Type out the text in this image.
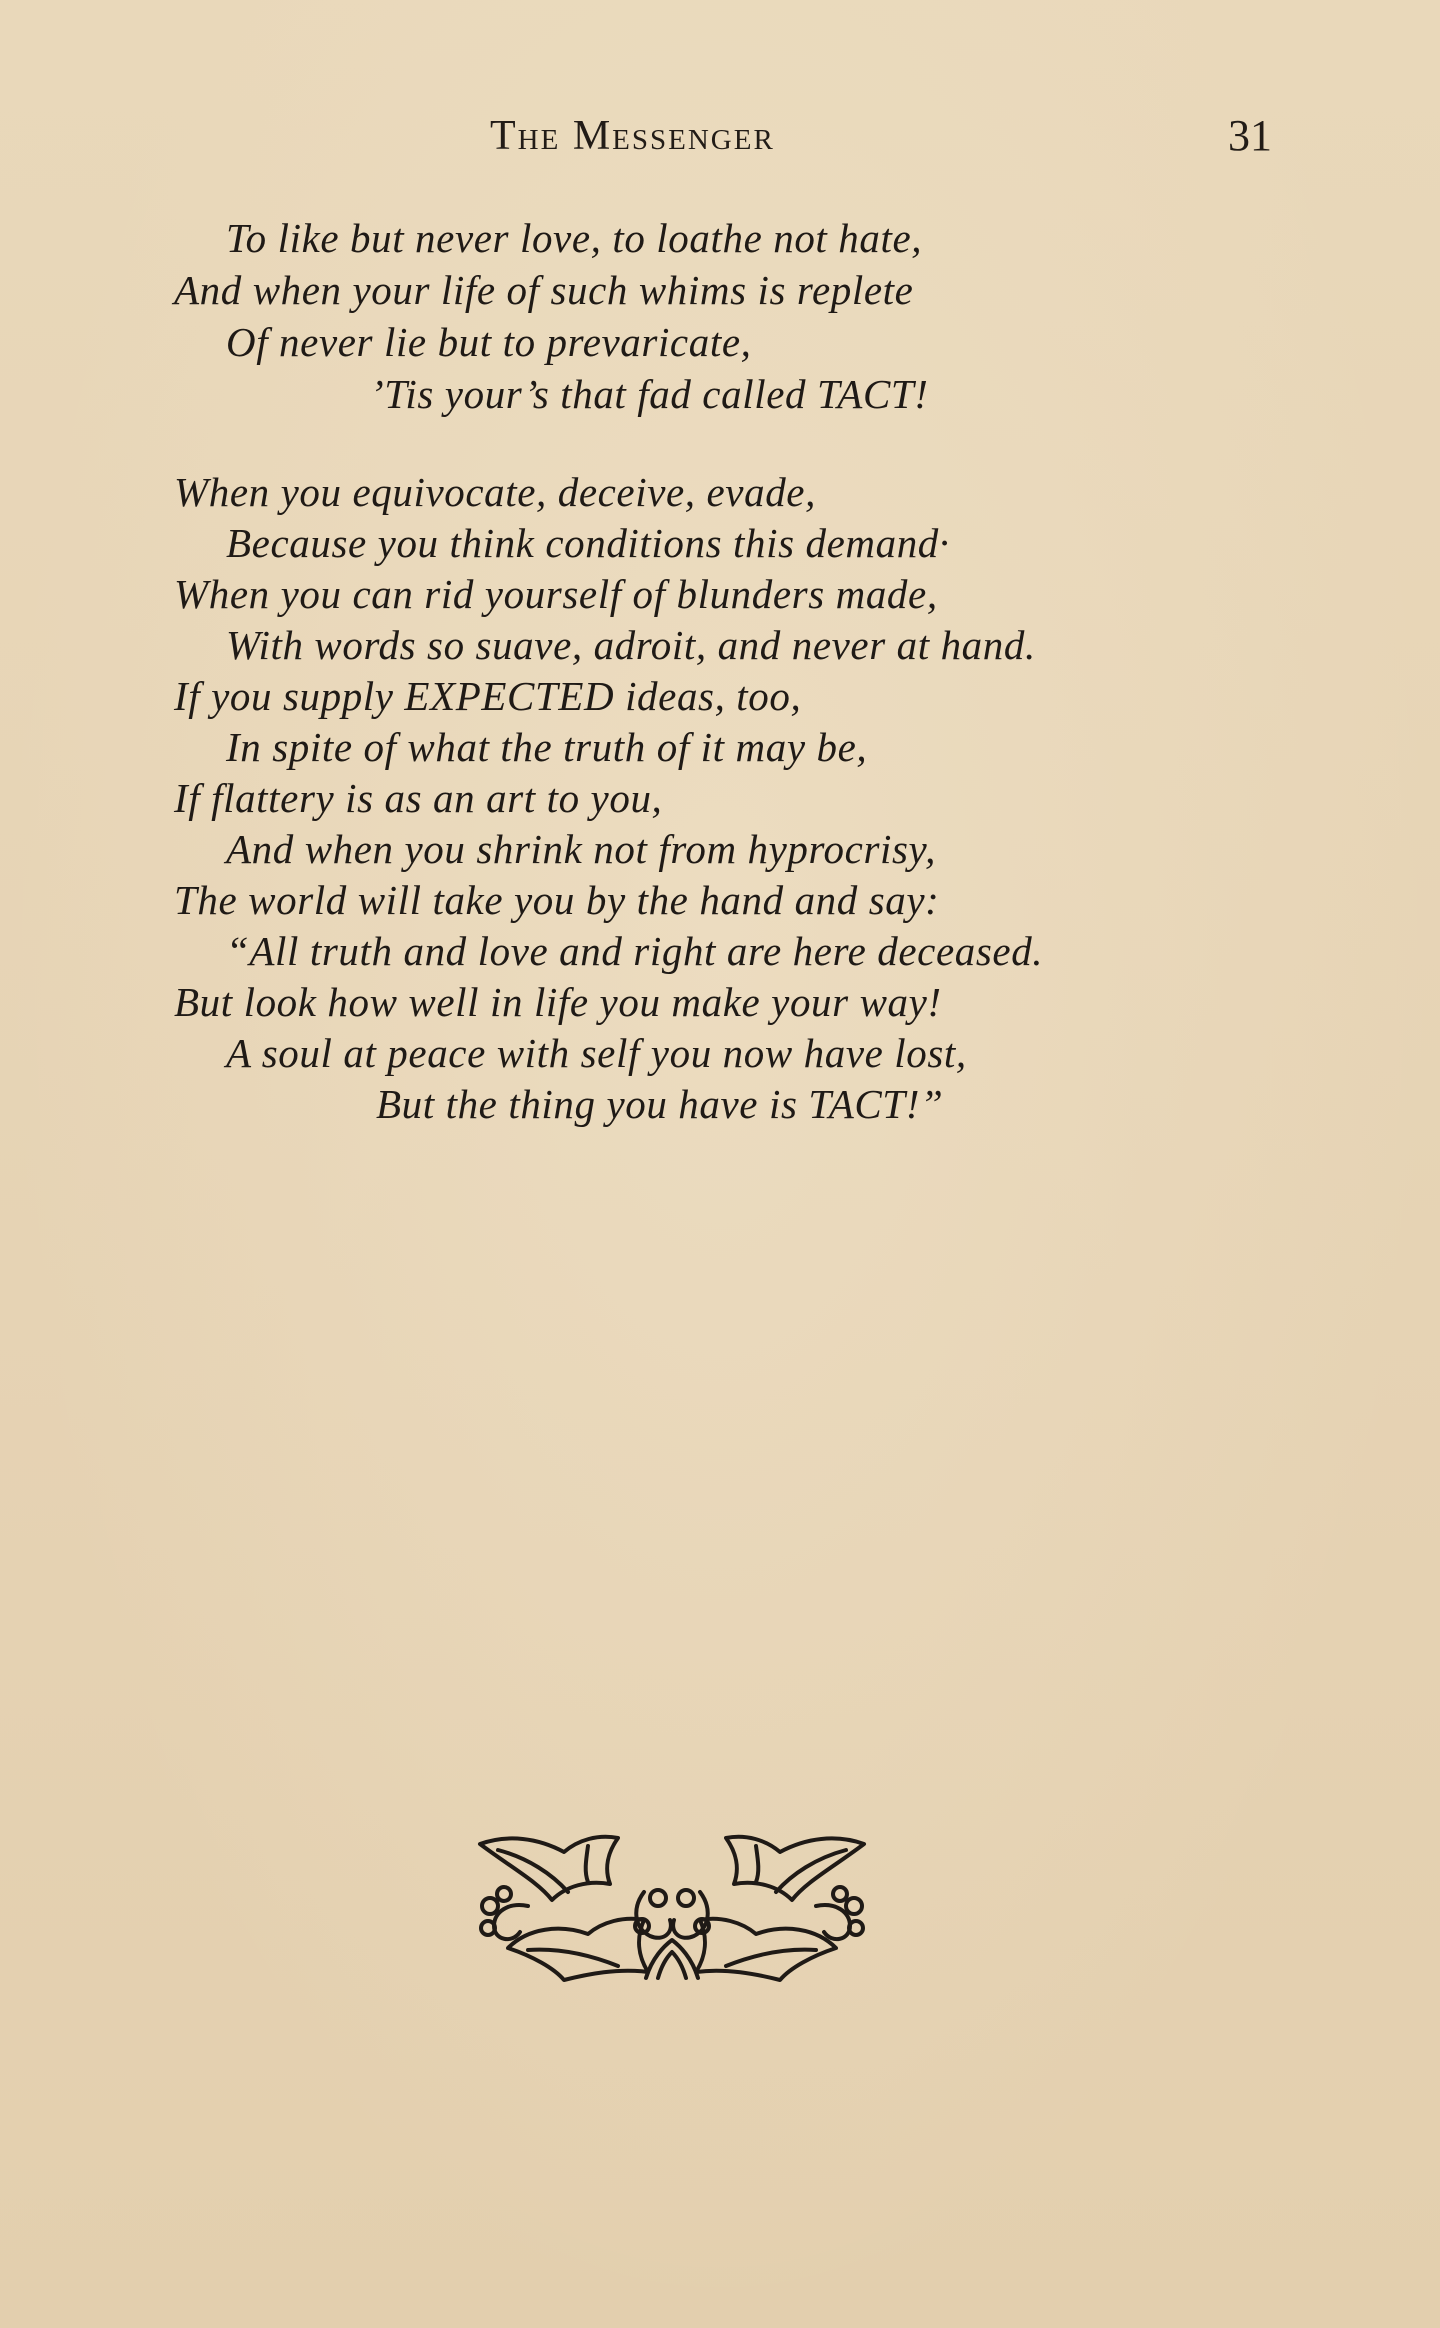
The Messenger	31
To like but never love, to loathe not hate,
And when your life of such whims is replete
Of never lie but to prevaricate,
’Tis your’s that fad called TACT!
When you equivocate, deceive, evade,
Because you think conditions this demand·
When you can rid yourself of blunders made,
With words so suave, adroit, and never at hand.
If you supply EXPECTED ideas, too,
In spite of what the truth of it may be,
If flattery is as an art to you,
And when you shrink not from hyprocrisy,
The world will take you by the hand and say:
“All truth and love and right are here deceased.
But look how well in life you make your way!
A soul at peace with self you now have lost,
But the thing you have is TACT!”
